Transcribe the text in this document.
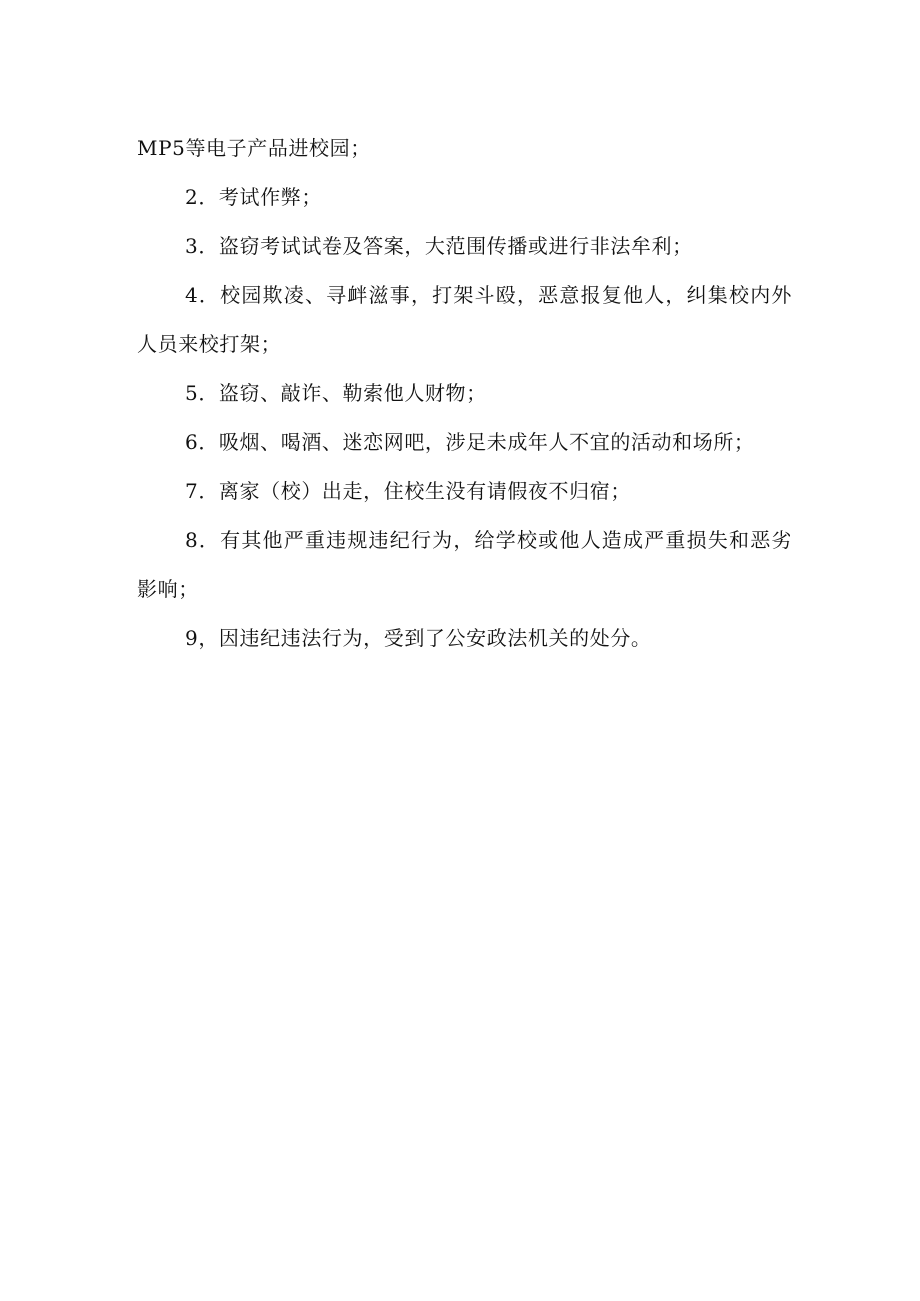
MP5等电子产品进校园；

2．考试作弊；

3．盗窃考试试卷及答案，大范围传播或进行非法牟利；

4．校园欺凌、寻衅滋事，打架斗殴，恶意报复他人，纠集校内外人员来校打架；

5．盗窃、敲诈、勒索他人财物；

6．吸烟、喝酒、迷恋网吧，涉足未成年人不宜的活动和场所；

7．离家（校）出走，住校生没有请假夜不归宿；

8．有其他严重违规违纪行为，给学校或他人造成严重损失和恶劣影响；

9，因违纪违法行为，受到了公安政法机关的处分。
